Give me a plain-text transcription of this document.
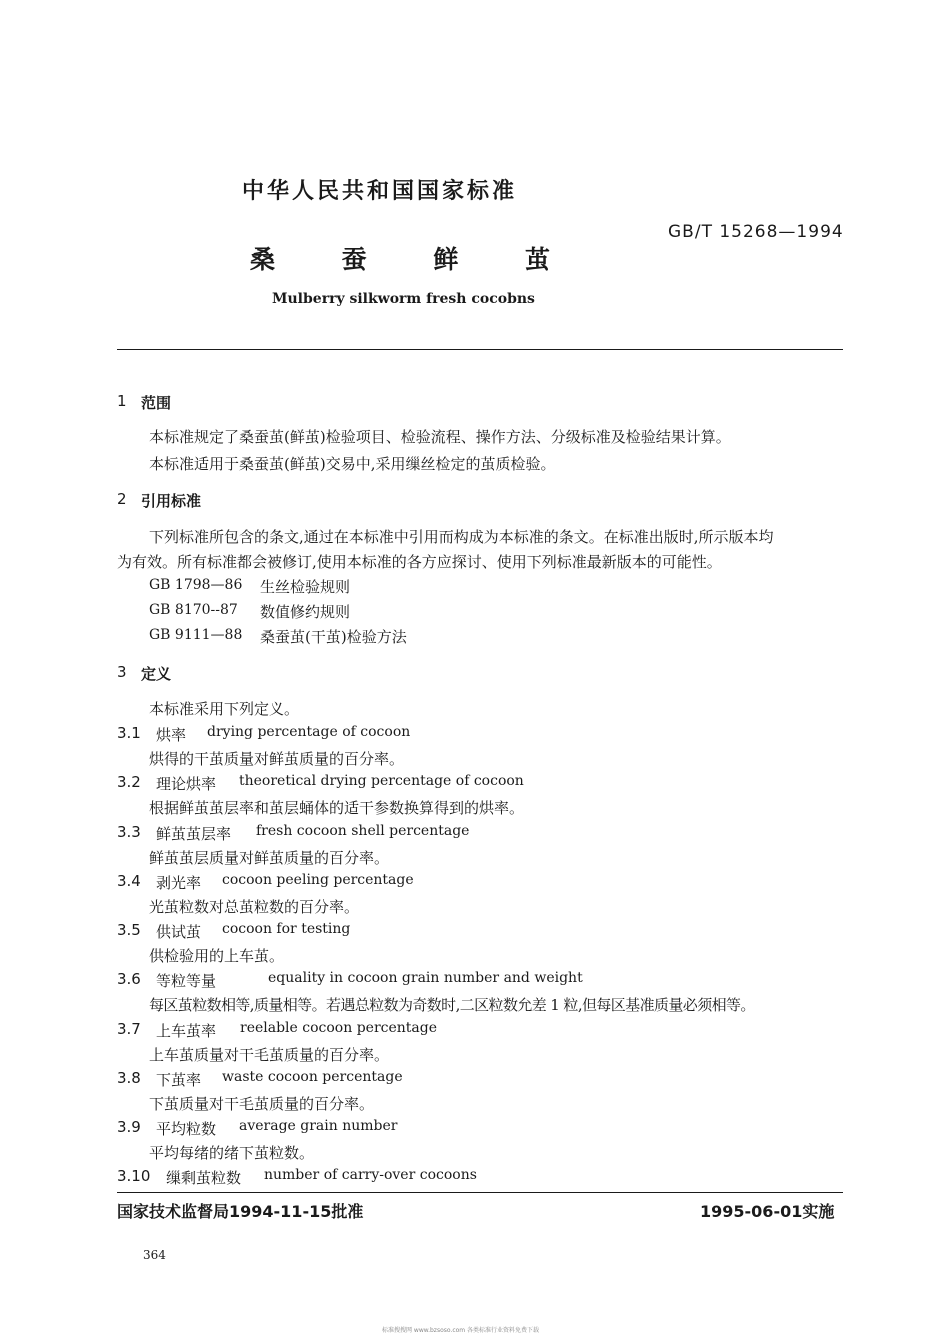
中华人民共和国国家标准
GB/T 15268—1994
桑	蚕	鲜	茧
Mulberry silkworm fresh cocobns
1 范围
本标准规定了桑蚕茧(鲜茧)检验项目、检验流程、操作方法、分级标准及检验结果计算。
本标准适用于桑蚕茧(鲜茧)交易中,采用缫丝检定的茧质检验。
2 引用标准
下列标准所包含的条文,通过在本标准中引用而构成为本标准的条文。在标准出版时,所示版本均
为有效。所有标准都会被修订,使用本标准的各方应探讨、使用下列标准最新版本的可能性。
GB 1798—86 生丝检验规则
GB 8170--87 数值修约规则
GB 9111—88 桑蚕茧(干茧)检验方法
3 定义
本标准采用下列定义。
3.1 烘率 drying percentage of cocoon
烘得的干茧质量对鲜茧质量的百分率。
3.2 理论烘率 theoretical drying percentage of cocoon
根据鲜茧茧层率和茧层蛹体的适干参数换算得到的烘率。
3.3 鲜茧茧层率 fresh cocoon shell percentage
鲜茧茧层质量对鲜茧质量的百分率。
3.4 剥光率 cocoon peeling percentage
光茧粒数对总茧粒数的百分率。
3.5 供试茧 cocoon for testing
供检验用的上车茧。
3.6 等粒等量	equality in cocoon grain number and weight
每区茧粒数相等,质量相等。若遇总粒数为奇数时,二区粒数允差 1 粒,但每区基准质量必须相等。
3.7 上车茧率 reelable cocoon percentage
上车茧质量对干毛茧质量的百分率。
3.8 下茧率 waste cocoon percentage
下茧质量对干毛茧质量的百分率。
3.9 平均粒数 average grain number
平均每绪的绪下茧粒数。
3.10 缫剩茧粒数 number of carry-over cocoons
国家技术监督局1994-11-15批准	1995-06-01实施
364
标准搜搜网 www.bzsoso.com 各类标准行业资料免费下载
